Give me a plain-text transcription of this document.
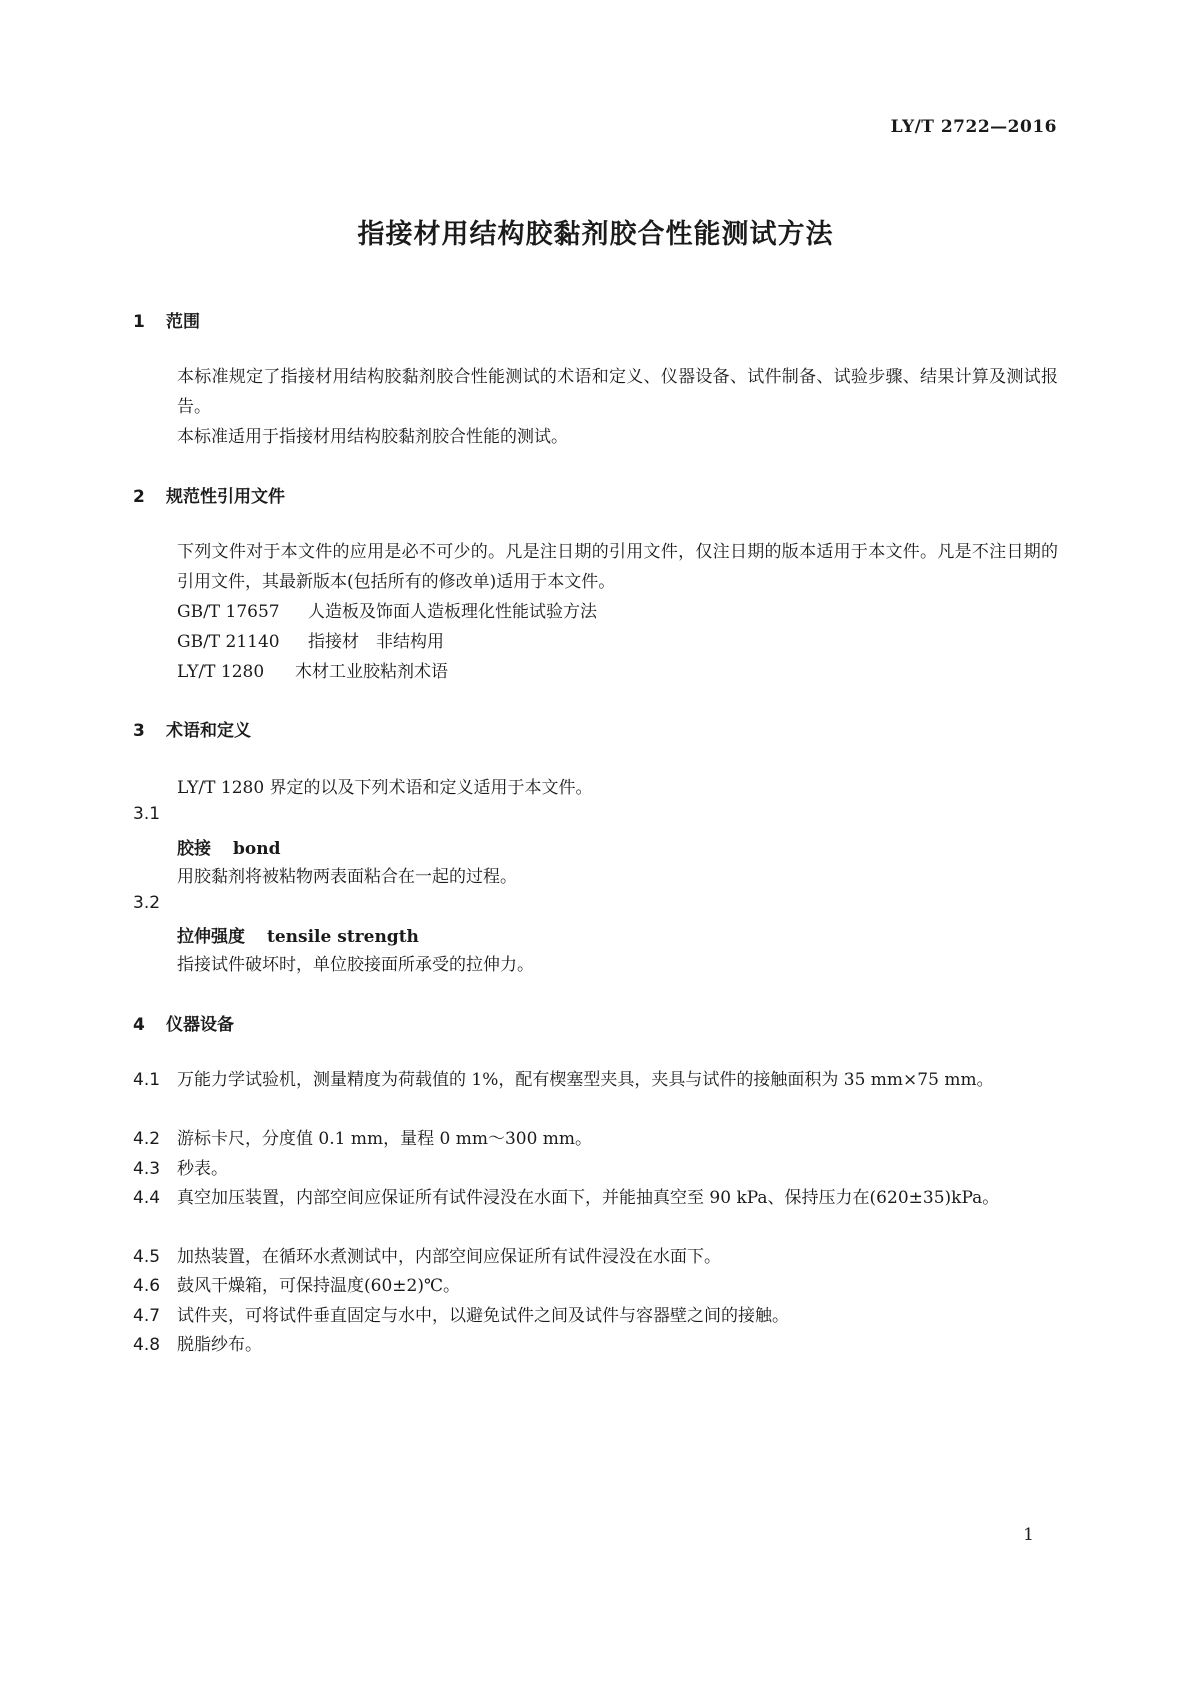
LY/T 2722—2016
指接材用结构胶黏剂胶合性能测试方法
1 范围
本标准规定了指接材用结构胶黏剂胶合性能测试的术语和定义、仪器设备、试件制备、试验步骤、结果计算及测试报告。
本标准适用于指接材用结构胶黏剂胶合性能的测试。
2 规范性引用文件
下列文件对于本文件的应用是必不可少的。凡是注日期的引用文件，仅注日期的版本适用于本文件。凡是不注日期的引用文件，其最新版本(包括所有的修改单)适用于本文件。
GB/T 17657 人造板及饰面人造板理化性能试验方法
GB/T 21140 指接材　非结构用
LY/T 1280 木材工业胶粘剂术语
3 术语和定义
LY/T 1280 界定的以及下列术语和定义适用于本文件。
3.1
胶接 bond
用胶黏剂将被粘物两表面粘合在一起的过程。
3.2
拉伸强度 tensile strength
指接试件破坏时，单位胶接面所承受的拉伸力。
4 仪器设备
4.1 万能力学试验机，测量精度为荷载值的 1%，配有楔塞型夹具，夹具与试件的接触面积为 35 mm×75 mm。
4.2 游标卡尺，分度值 0.1 mm，量程 0 mm～300 mm。
4.3 秒表。
4.4 真空加压装置，内部空间应保证所有试件浸没在水面下，并能抽真空至 90 kPa、保持压力在(620±35)kPa。
4.5 加热装置，在循环水煮测试中，内部空间应保证所有试件浸没在水面下。
4.6 鼓风干燥箱，可保持温度(60±2)℃。
4.7 试件夹，可将试件垂直固定与水中，以避免试件之间及试件与容器壁之间的接触。
4.8 脱脂纱布。
1
